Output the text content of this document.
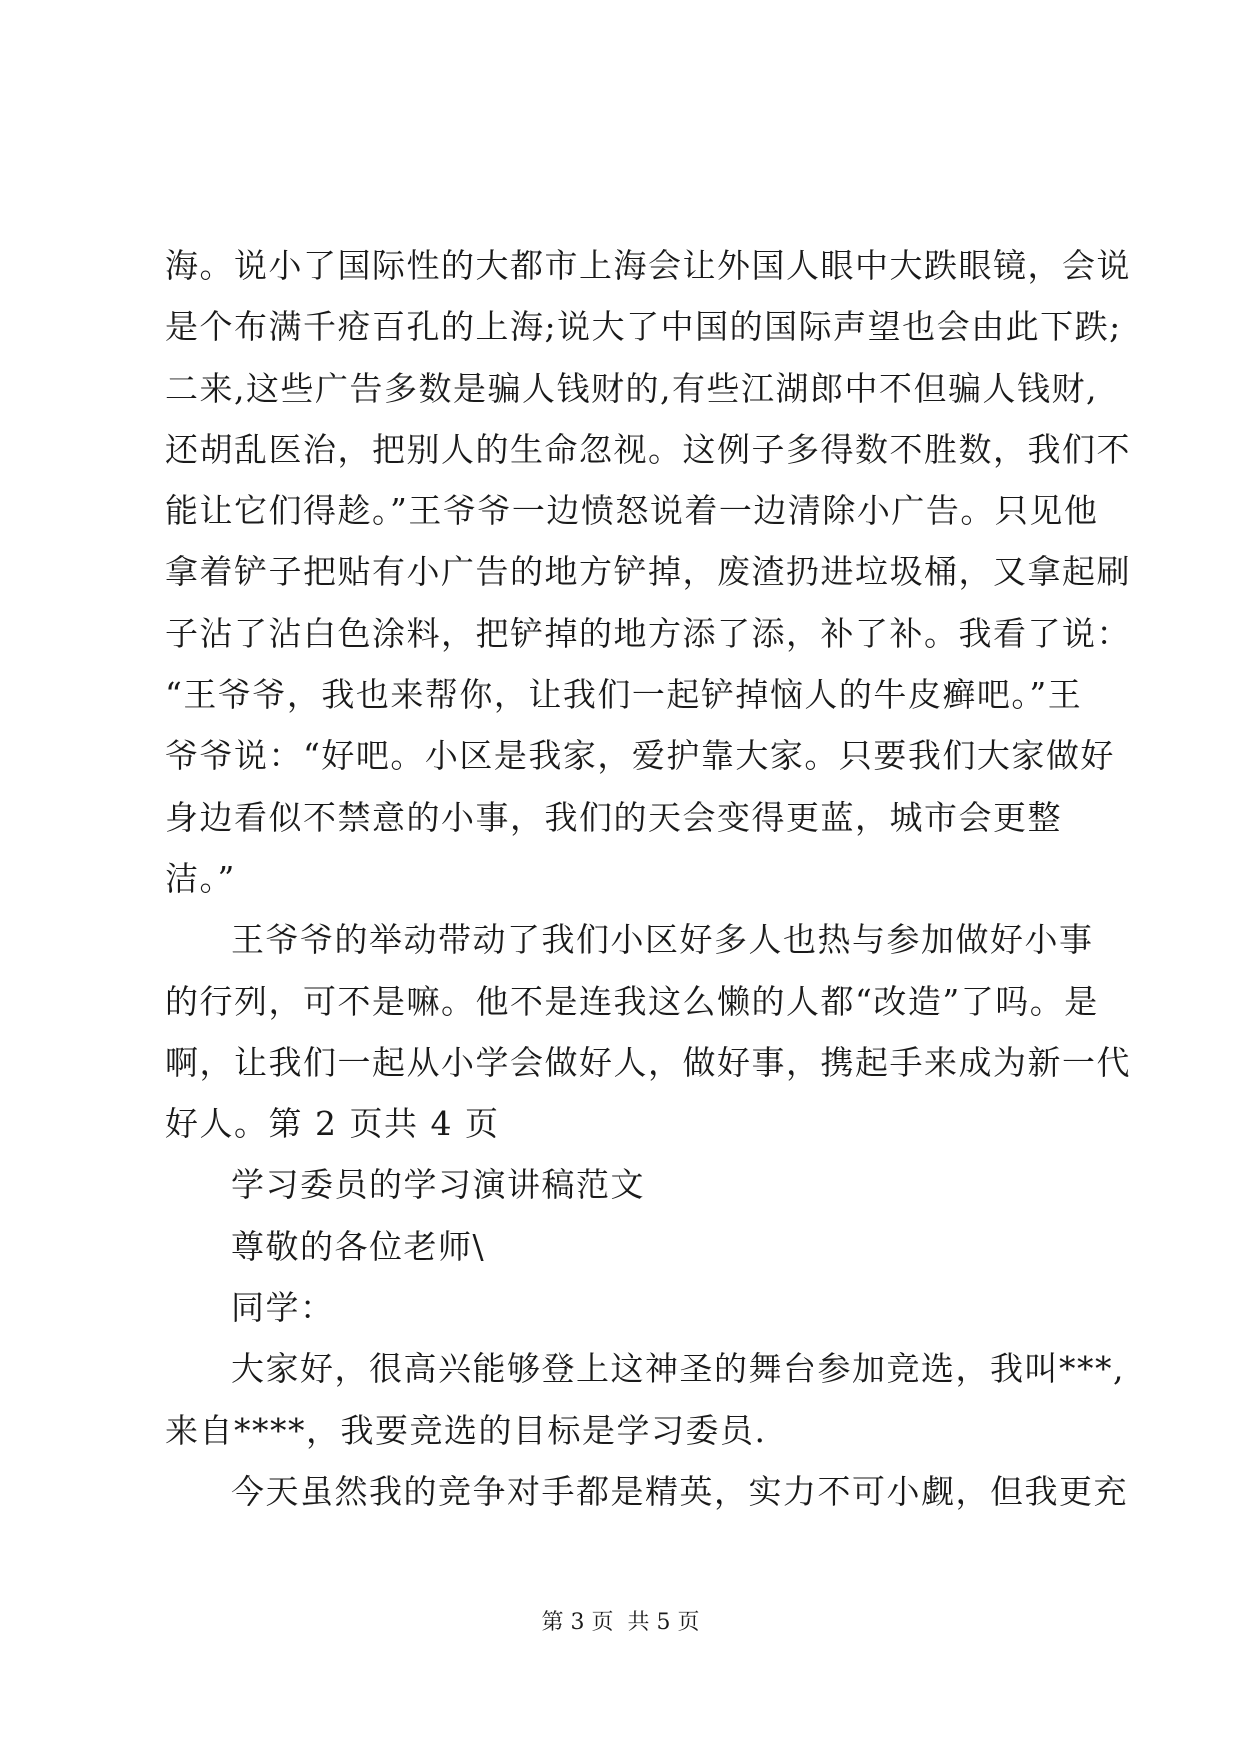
海。说小了国际性的大都市上海会让外国人眼中大跌眼镜，会说
是个布满千疮百孔的上海;说大了中国的国际声望也会由此下跌;
二来,这些广告多数是骗人钱财的,有些江湖郎中不但骗人钱财,
还胡乱医治，把别人的生命忽视。这例子多得数不胜数，我们不
能让它们得趁。”王爷爷一边愤怒说着一边清除小广告。只见他
拿着铲子把贴有小广告的地方铲掉，废渣扔进垃圾桶，又拿起刷
子沾了沾白色涂料，把铲掉的地方添了添，补了补。我看了说：
“王爷爷，我也来帮你，让我们一起铲掉恼人的牛皮癣吧。”王
爷爷说：“好吧。小区是我家，爱护靠大家。只要我们大家做好
身边看似不禁意的小事，我们的天会变得更蓝，城市会更整
洁。”
王爷爷的举动带动了我们小区好多人也热与参加做好小事
的行列，可不是嘛。他不是连我这么懒的人都“改造”了吗。是
啊，让我们一起从小学会做好人，做好事，携起手来成为新一代
好人。第 2 页共 4 页
学习委员的学习演讲稿范文
尊敬的各位老师\
同学：
大家好，很高兴能够登上这神圣的舞台参加竞选，我叫***,
来自****，我要竞选的目标是学习委员.
今天虽然我的竞争对手都是精英，实力不可小觑，但我更充
第 3 页  共 5 页
